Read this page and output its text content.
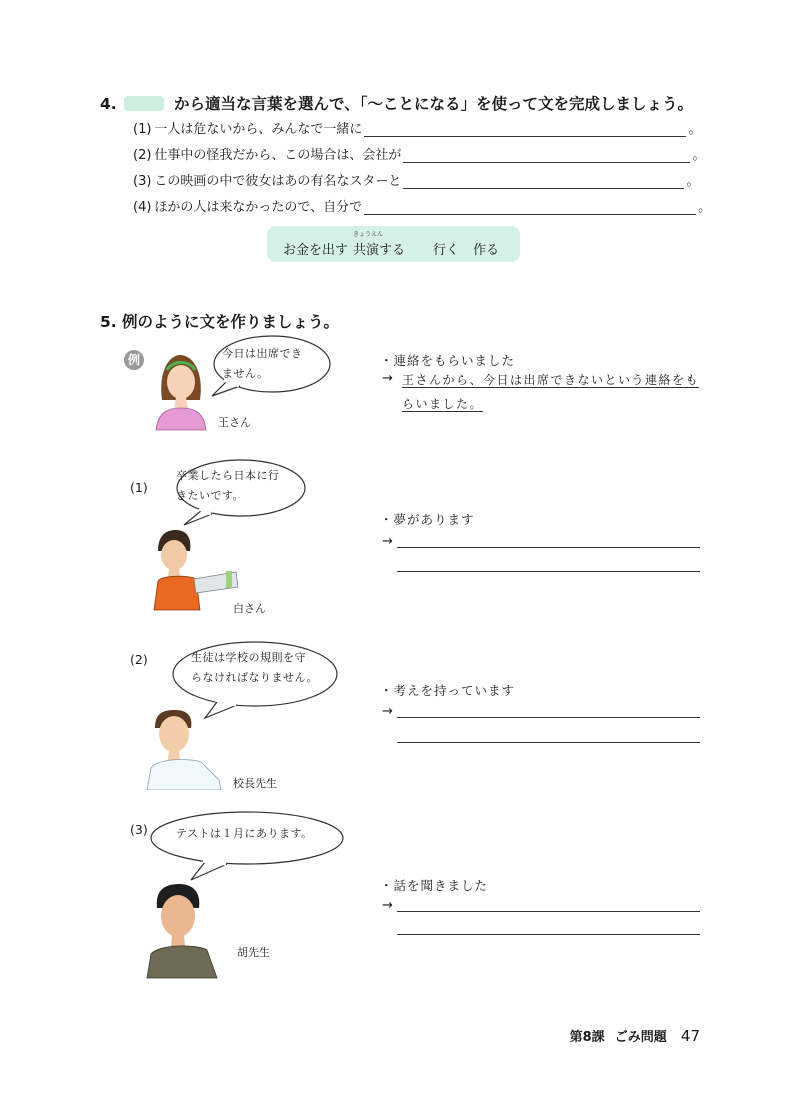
4.	から適当な言葉を選んで、「～ことになる」を使って文を完成しましょう。
(1) 一人は危ないから、みんなで一緒に	。
(2) 仕事中の怪我だから、この場合は、会社が	。
(3) この映画の中で彼女はあの有名なスターと	。
(4) ほかの人は来なかったので、自分で	。
お金を出す 共演する 行く 作る
きょうえん
5. 例のように文を作りましょう。
例	今日は出席でき
ません。
王さん
・連絡をもらいました
→ 王さんから、今日は出席できないという連絡をも
らいました。
(1)
卒業したら日本に行
きたいです。
白さん
・夢があります
→
(2)	生徒は学校の規則を守
らなければなりません。
校長先生
・考えを持っています
→
(3)	テストは１月にあります。
胡先生
・話を聞きました
→
第8課 ごみ問題 47
